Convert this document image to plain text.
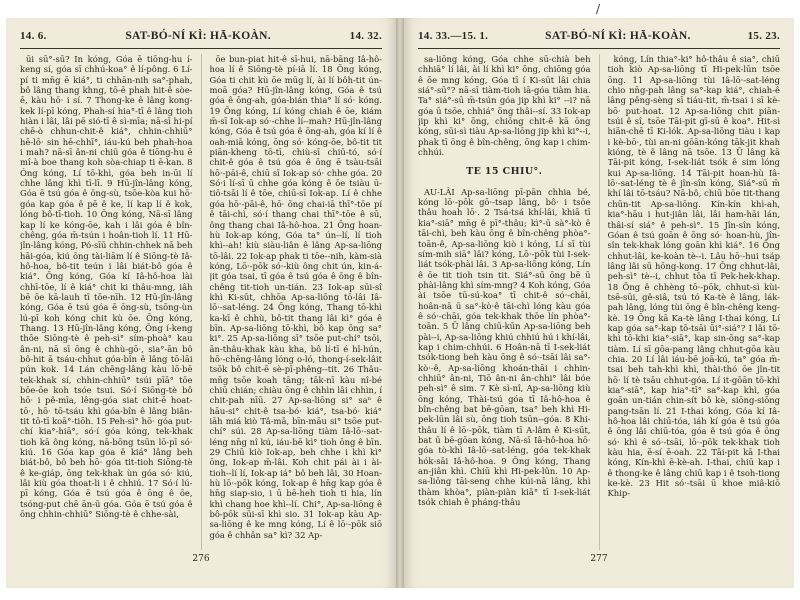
/
14. 6.	SAT-BÓ-NÍ KÌ: HĀ-KOÀN.	14. 32.

ūi sū°-sū? In kóng, Góa ē tiōng-hu í-keng sí, góa sī chhú-koa° ê lí-pông. 6 Lí-pí ti mn̄g ē kiá°, ti chhān-nih sa°-phah, bô lâng thang khng, tō-ē phah hit-ê sòe-ē, kàu hō· i sí. 7 Thong-ke ê lâng kong-kek lí-pī kóng, Phah-sí hia°-tī ê lâng tioh hiàn i lâi, lâi pē sió-tī ê sì-mīa; nā-sī hi-pí chē-ò chhun-chit-ê kiá°, chhin-chhiū° hē-lō· sin hē-chhī°, iáu-kú beh phah-hoa i mah? nā-sī ân-ni chiū góa ê tiōng-hu ē mî-à boe thang koh sòa-chiap ti ē-kan. 8 Óng kóng, Lí tō-khì, góa beh in-ūi lí chhe lâng khì tī-lī. 9 Hū-jîn-lâng kóng, Góa ē tsú góa ê ōng-sù, tsōe-kòa kui hō· góa kap góa ê pē ê ke, lí kap lí ê kok, lóng bô-tī-tioh. 10 Ōng kóng, Nā-sī lâng kap lí ke kóng-ōe, kah i lâi góa ê bîn-chêng, góa m̄-tsún i hoân-tioh lí. 11 Hū-jîn-lâng kóng, Pó-sīū chhin-chhek nā beh hāi-góa, kiú ōng tài-liām lí ê Siōng-tè Iâ-hô-hoa, bô-tit teún i lâi biát-bô góa ê kiá°. Ōng kóng, Góa kí Iâ-hô-hoa lài chhī-tōe, lí ê kiá° chit ki thâu-mng, iâh bē ōe kā-lauh tī tōe-nīh. 12 Hū-jîn-lâng kóng, Góa ē tsú góa ē ōng-sù, tsōng-ùn lú-pī koh kóng chit kù ōe. Ōng kóng, Thang. 13 Hū-jîn-lâng kóng, Ōng í-keng thōe Siōng-tè ê peh-sì° sím-phoà° kau ân-ni, nā sī ōng ê chhù-gō·, sia°-ān bô bô-hit ā tsáu-chhut góa-bîn ê lâng tō-lāi pún kok. 14 Lán chēng-lâng kàu lō·bē tek-khak sí, chhin-chhiū° tsúi pīā° tōe bōe-ōe koh tsóe tsui. Só·í Siōng-tè bô hō· i pê-mīa, lêng-góa siat chit-ē hoat-tō·, hō· tō-tsáu khì góa-bîn ê lâng biân-tit tō-tī koā°-tiōh. 15 Peh-sì° hō· góa put-chí kia°-hiā°, só·í góa kóng, tek-khak tioh kā ông kóng, nā-bōng tsūn lō-pī só· kiú. 16 Góa kap góa ê kiá° lâng beh biát-bô, bô beh hō· góa tit-tioh Siōng-tè ê ke-giáp, ōng tek-khak ùn góa só· kiú, lâi kiù góa thoat-li i ê chhiú. 17 Só·í lú-pī kóng, Góa ē tsú góa ê ōng ê ōe, tsóng-put chē ān-ū góa. Góa ē tsú góa ê ōng chhin-chhiū° Siōng-tè ê chhe-sài,

ōe bun-piat hit-ê sī-hui, nā-bāng Iâ-hô-hoa lí ê Siōng-tè pí-iā lí. 18 Ōng kóng, Góa ti chit kù ōe mūg lí, ài lí bôh-tit ún-moā góa? Hū-jîn-lâng kóng, Góa ê tsú góa ê ōng-ah, góa-bián thia° lí só· kóng. 19 Ōng kóng, Lí kóng chiah ê ōe, kiám m̄-sī Iok-ap só·-chhe lí--mah? Hū-jîn-lâng kóng, Góa ê tsú góa ê ōng-ah, góa kí lí ê oah-miā kóng, ōng só· kóng-ōe, bô-tit tit piān-kheng tō-tī, chiù-sī chiū-tó, só·í chit-ê góa ê tsú góa ê ōng ē tsàu-tsāi hō·-pāi-ê, chiū sī Iok-ap só· chhe góa. 20 Só·i lí-sī ū chhe góa kóng ê ōe tsiàu ū-tiō-tsāi lí ê tōe, chiū-sī Iok-ap. Lí ê chhe góa hō·-pāi-ê, hō· ōng chai-iā thī°-tōe pí ê tāi-chì, só·í thang chai thī°-tōe ê sū, ông thang chai Iâ-hô-hoa. 21 Ōng hoan-hù Iok-ap kóng, Góa ta° ún--lí, lí tioh khì--ah! kiù siàu-liân ê lâng Ap-sa-liōng tō-lâi. 22 Iok-ap phak ti tōe--nih, kàm-sià kóng, Lō·-pōk só·-kiù ông chit ún, kin-á-jit góa tsai, tī góa ê tsú góa ê ōng ê bîn-chêng tit-tioh un-tián. 23 Iok-ap sūi-sî khì Ki-sūt, chhōa Ap-sa-liōng tō-lâi Iâ-lō·-sat-léng. 24 Ōng kóng, Thang tō-khì ka-kī ê chhù, bô-tit thang lâi kì° góa ê bīn. Ap-sa-liōng tō-khì, bô kap ōng sa° ki°. 25 Ap-sa-liōng sī° tsōe put-chí° tsōi, ān-thâu-khak kàu kha, bô lí-tī é hî-hún, hō·-chēng-lâng lóng o-ló, thong-í-sek-lâit tsōk bô chit-ē sè-pī-phêng--tit. 26 Thâu-mn̄g tsōe koah tāng; tāk-nī kàu nî-bé chiū chián; chiàu ōng ê chhìn lâi chhìn, í chit-pah nīū. 27 Ap-sa-liōng si° saⁿ ê hāu-si° chit-ê tsa-bó· kiá°, tsa-bó· kiá° iāh miá kiò Tâ-mā, bīn-māu si° tsōe put-chí° súi. 28 Ap-sa-liōng tiàm Iâ-lō·-sat-léng nn̄g nî kú, iáu-bē kì° tioh ōng ê bīn. 29 Chiū kiò Iok-ap, beh chhe i khì kì° ōng, Iok-ap m̄-lâi. Koh chit pái ài i ài-tioh--lí lí, Iok-ap iá° bô beh lâi, 30 Hoan-hù lō·-pōk kóng, Iok-ap ê hn̄g kap góa ê hn̄g siap-sio, i ū bē-heh tioh ti hia, lín khì chang hoe khì--lí. Chi°, Ap-sa-liōng ê bô-pōk sūi-sī khì sio. 31 Iok-ap kàu Ap-sa-liōng ê ke mng kóng, Lí ê lō·-pōk siō góa ê chhân sa° kì? 32 Ap-

276
14. 33.—15. 1.	SAT-BÓ-NÍ KÌ: HĀ-KOÀN.	15. 23.

sa-liōng kóng, Góa chhe sū-chià beh chhiā° lí lâi, ài lí khì ki° ōng, chiōng góa ê ōe mng kóng, Góa tī í Ki-sūt lâi chia siá°-sū°? nā-sī tiàm-tioh iā-góa tiàm hia. Ta° siá°-sū m̄-tsún góa jip khì ki° --i? nā góa ū tsōe, chhiá° ōng thâi--sí. 33 Iok-ap jip khì ki° ōng, chiōng chit-ê kā ōng kóng, sūi-sì tiàu Ap-sa-liōng jip khì ki°--i, phak tī ōng ê bîn-chêng, ōng kap i chim-chhúi.

TE 15 CHIU°.

AU-LÂI Ap-sa-liōng pī-pān chhia bé, kóng lō·-pōk gō·-tsap lâng, bô· i tsōe thâu hoah lō·. 2 Tsá-tsá khí-lâi, khiā tī kia°-siā° mn̄g ê pī°-thâu; kì°-ū sà°-kò ê tāi-chì, beh kàu ōng ê bîn-chêng phòa°-toān-ê, Ap-sa-liōng kiò i kóng, Lí sī tùi sím-mih siā° lâi? kóng, Lō·-pōk tùi I-sek-liát tsók-phài lâi. 3 Ap-sa-liōng kóng, Lín ê ōe tit tioh tsin tit. Siá°-sū ōng bē ū phài-lâng khì sím-mng? 4 Koh kóng, Góa ài tsōe tū-sú-koa° tī chit-ê só·-chāi, hoân-nā ū sa°-kò·ê tāi-chì lóng kàu góa ê só·-chāi, góa tek-khak thōe lín phòa°-toān. 5 Ū lâng chiū-kūn Ap-sa-liōng beh pài--i, Ap-sa-liōng khiú chhiú hú i khí-lâi, kap i chim-chhúi. 6 Hoân-nā tī I-sek-liát tsók-tiong beh kàu ōng ê só·-tsāi lâi sa°-kò·-ê, Ap-sa-liōng khoán-thāi i chhin-chhiū° ân-ni, Tiō ân-ni ân-chhi° lâi bóe peh-sì° ê sim. 7 Kè sì-nî, Ap-sa-liōng kiù ōng kóng, Thài-tsú góa tī Iâ-hô-hoa ê bîn-chêng bat bē-gōan, tsa° beh khì Hi-pek-lūn lâi sù, ōng tioh tsūn--góa. 8 Khi-thâu lí ê lō·-pōk, tiàm tī A-lâm ê Ki-sūt, bat ū bē-gōan kóng, Nā-sī Iâ-hô-hoa hō· góa tò-khì Iâ-lō·-sat-léng, góa tek-khak hók-sāi Iâ-hô-hoa. 9 Ōng kóng, Thang an-jiân khì. Chiū khì Hi-pek-lûn. 10 Ap-sa-liōng tāi-seng chhe kúi-nā lâng, khì thàm khòa°, piàn-piàn kiā° tī I-sek-liát tsók chiah ê pháng-thâu

kóng, Lín thia°-ki° hô-thâu ê sia°, chiū tioh kiò Ap-sa-liōng tī Hi-pek-lūn tsōe ōng. 11 Ap-sa-liōng tùi Iâ-lō·-sat-léng chio nn̄g-pah lâng sa°-kap kiá°, chiah-ê lâng pêng-sèng sī tiáu-tit, m̄-tsai i sī kè-bō· put-hoat. 12 Ap-sa-liōng chit piān-tsúi ê sî, tsōe Tāi-pit gī-sū ê koa°. Hit-sì hiān-chē tī Ki-lók. Ap-sa-liōng tiàu i kap i kè-bō·, tùi an-ni gōān-kóng tāk-jit khah kióng, tè ê lâng nā tsōe. 13 Ū lâng kā Tāi-pit kóng, I-sek-liát tsók ê sim lóng kui Ap-sa-liōng. 14 Tāi-pit hoan-hù Iâ-lō·-sat-léng tè ê jîn-sîn kóng, Siá°-sū m̄ khí lâi tō-tsáu? Nā-bô, chiū bōe tit-thang chūn-tit Ap-sa-liōng. Kín-kín khì-ah, kia°-hāu i hut-jiân lâi, lâi ham-hāi lán, thâi-sí siá° ê peh-sì°. 15 Jîn-sîn kóng, Góan ê tsú goān ê ōng só· hoan-hù, jîn-sîn tek-khak lóng goān khì kiá°. 16 Ōng chhut-lâi, ke-koàn tè--i. Lâu hō·-hui tsáp lâng lâi sū hōng-kong. 17 Ōng chhut-lâi, peh-sì° tè--i, chhut tōa tī Pek-hek-khap. 18 Ōng ê chhèng tō·-pōk, chhut-sì kùi-tsē-sūi, gê-siâ, tsú tó Ka-tè ê lâng, lák-pah lâng, lóng tùi ōng ê bîn-chêng keng-kè. 19 Ōng kā Ka-tè lâng I-thai kóng, Lí kap góa sa°-kap tō-tsāi ūi°-siá°? I lâi tō-khì tō-khi kia°-siā°, kap sin-ōng sa°-kap tiàm. Lí sī gōa-pang lâng chhut-gōa kàu chia. 20 Lí lâi iáu-bē joā-kú, ta° góa m̄-tsai beh tah-khì khì, thài-thó ōe jîn-tit hō· lí tè tsāu chhut-góa. Lí it-gōān tō-khì kia°-siā°, kap hia°-tī° sa°-kap khì, góa goān un-tián chin-sít bô kè, siōng-siōng pang-tsān lí. 21 I-thai kóng, Góa kí Iâ-hô-hoa lâi chiū-tóa, iáh kí góa ê tsú góa ê ōng lâi chiū-tóa, góa ê tsú góa ê ōng só· khì ê só·-tsāi, lō·-pōk tek-khak tioh kàu hia, ē-sí ē-oah. 22 Tāi-pit kā I-thai kóng, Kín-khì ē-kè-ah. I-thai, chiū kap i ê thong-ke ê lâng chiū kap i ê tsoh-tiong ke-kè. 23 Hit só·-tsāi ū khoe miâ-kiō Khip-

277
